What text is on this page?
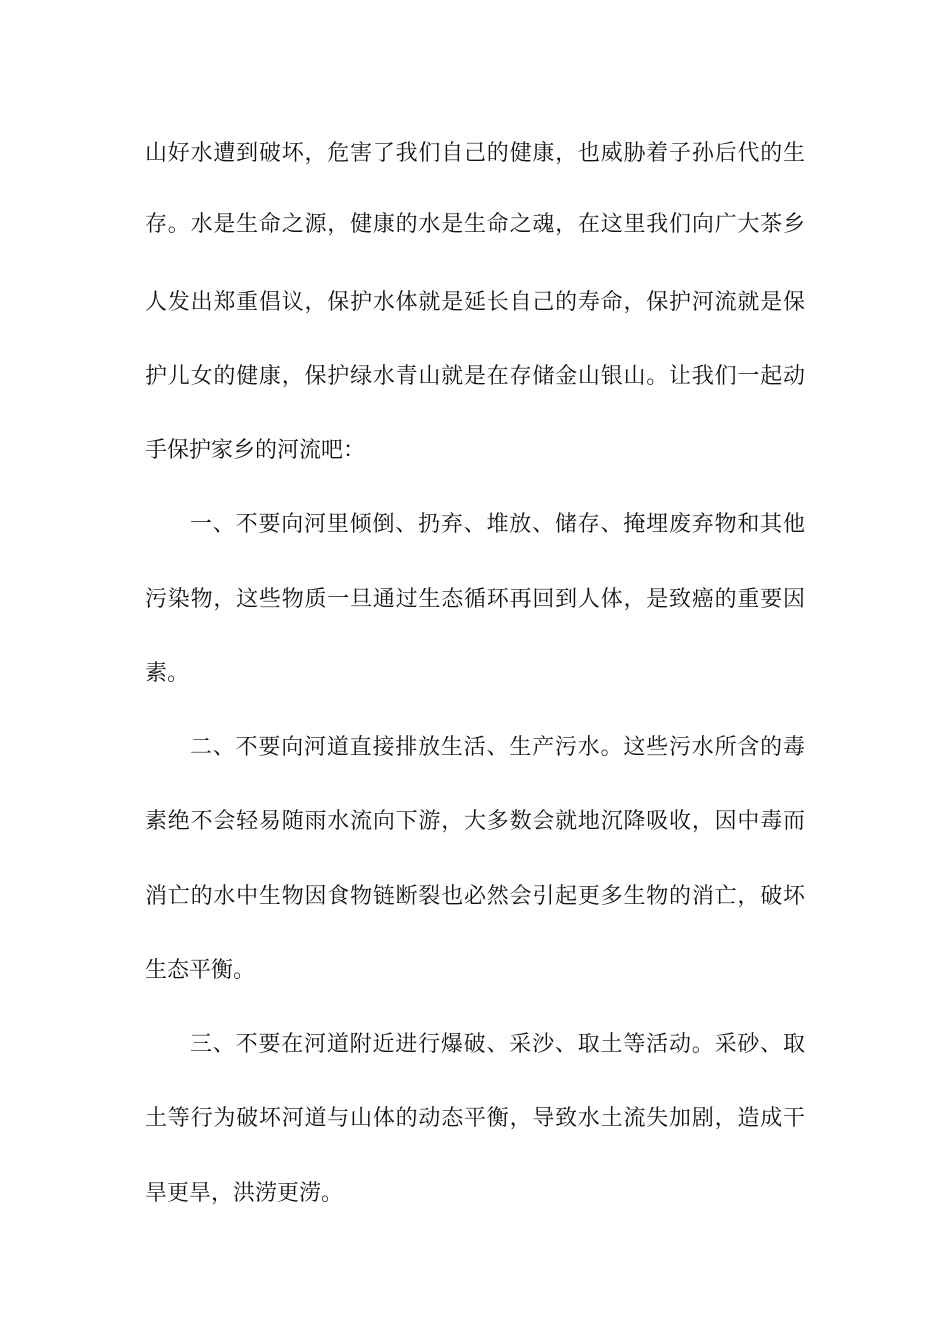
山好水遭到破坏，危害了我们自己的健康，也威胁着子孙后代的生
存。水是生命之源，健康的水是生命之魂，在这里我们向广大茶乡
人发出郑重倡议，保护水体就是延长自己的寿命，保护河流就是保
护儿女的健康，保护绿水青山就是在存储金山银山。让我们一起动
手保护家乡的河流吧：
一、不要向河里倾倒、扔弃、堆放、储存、掩埋废弃物和其他
污染物，这些物质一旦通过生态循环再回到人体，是致癌的重要因
素。
二、不要向河道直接排放生活、生产污水。这些污水所含的毒
素绝不会轻易随雨水流向下游，大多数会就地沉降吸收，因中毒而
消亡的水中生物因食物链断裂也必然会引起更多生物的消亡，破坏
生态平衡。
三、不要在河道附近进行爆破、采沙、取土等活动。采砂、取
土等行为破坏河道与山体的动态平衡，导致水土流失加剧，造成干
旱更旱，洪涝更涝。
